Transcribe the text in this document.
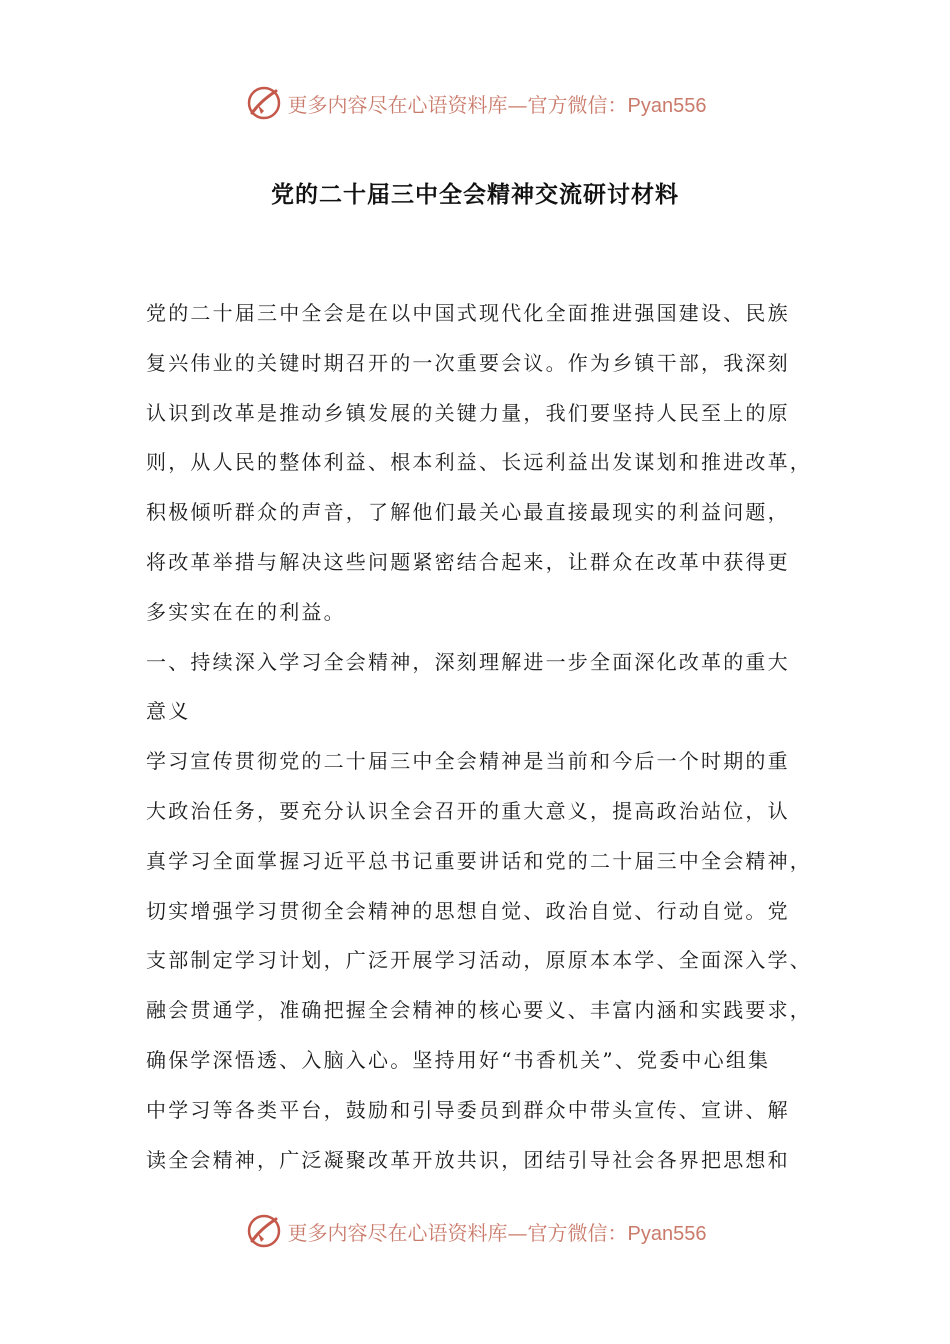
更多内容尽在心语资料库—官方微信：Pyan556
党的二十届三中全会精神交流研讨材料
党的二十届三中全会是在以中国式现代化全面推进强国建设、民族
复兴伟业的关键时期召开的一次重要会议。作为乡镇干部，我深刻
认识到改革是推动乡镇发展的关键力量，我们要坚持人民至上的原
则，从人民的整体利益、根本利益、长远利益出发谋划和推进改革，
积极倾听群众的声音，了解他们最关心最直接最现实的利益问题，
将改革举措与解决这些问题紧密结合起来，让群众在改革中获得更
多实实在在的利益。
一、持续深入学习全会精神，深刻理解进一步全面深化改革的重大
意义
学习宣传贯彻党的二十届三中全会精神是当前和今后一个时期的重
大政治任务，要充分认识全会召开的重大意义，提高政治站位，认
真学习全面掌握习近平总书记重要讲话和党的二十届三中全会精神，
切实增强学习贯彻全会精神的思想自觉、政治自觉、行动自觉。党
支部制定学习计划，广泛开展学习活动，原原本本学、全面深入学、
融会贯通学，准确把握全会精神的核心要义、丰富内涵和实践要求，
确保学深悟透、入脑入心。坚持用好“书香机关”、党委中心组集
中学习等各类平台，鼓励和引导委员到群众中带头宣传、宣讲、解
读全会精神，广泛凝聚改革开放共识，团结引导社会各界把思想和
更多内容尽在心语资料库—官方微信：Pyan556
